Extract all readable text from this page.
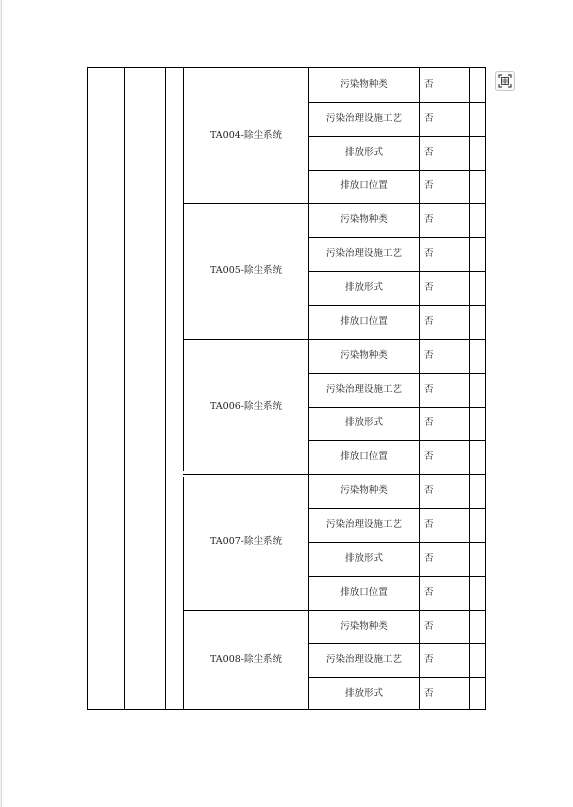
TA004-除尘系统
污染物种类	否
污染治理设施工艺	否
排放形式	否
排放口位置	否
TA005-除尘系统
污染物种类	否
污染治理设施工艺	否
排放形式	否
排放口位置	否
TA006-除尘系统
污染物种类	否
污染治理设施工艺	否
排放形式	否
排放口位置	否
TA007-除尘系统
污染物种类	否
污染治理设施工艺	否
排放形式	否
排放口位置	否
TA008-除尘系统
污染物种类	否
污染治理设施工艺	否
排放形式	否
